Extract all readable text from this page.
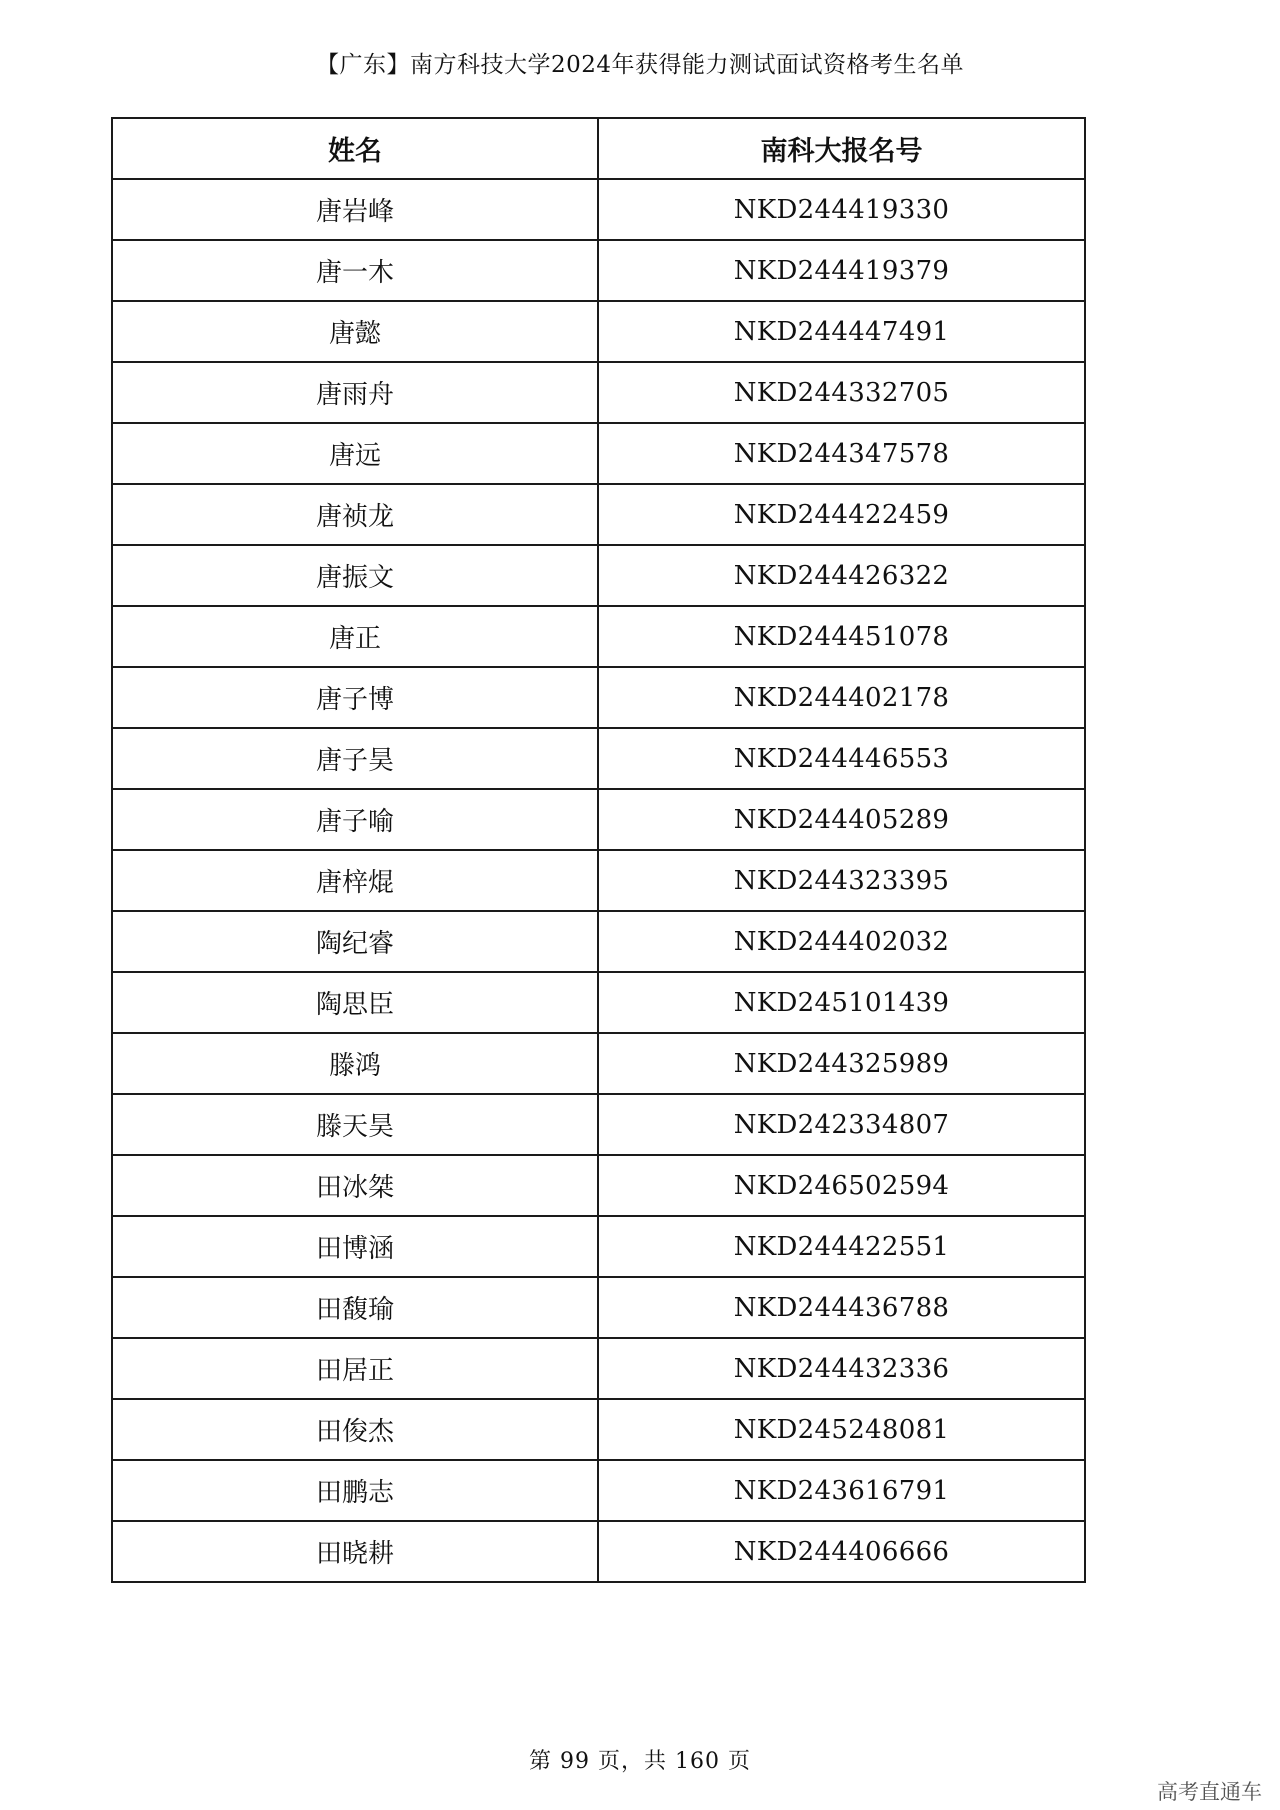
【广东】南方科技大学2024年获得能力测试面试资格考生名单
姓名	南科大报名号
唐岩峰	NKD244419330
唐一木	NKD244419379
唐懿	NKD244447491
唐雨舟	NKD244332705
唐远	NKD244347578
唐祯龙	NKD244422459
唐振文	NKD244426322
唐正	NKD244451078
唐子博	NKD244402178
唐子昊	NKD244446553
唐子喻	NKD244405289
唐梓焜	NKD244323395
陶纪睿	NKD244402032
陶思臣	NKD245101439
滕鸿	NKD244325989
滕天昊	NKD242334807
田冰桀	NKD246502594
田博涵	NKD244422551
田馥瑜	NKD244436788
田居正	NKD244432336
田俊杰	NKD245248081
田鹏志	NKD243616791
田晓耕	NKD244406666
第 99 页，共 160 页
高考直通车
